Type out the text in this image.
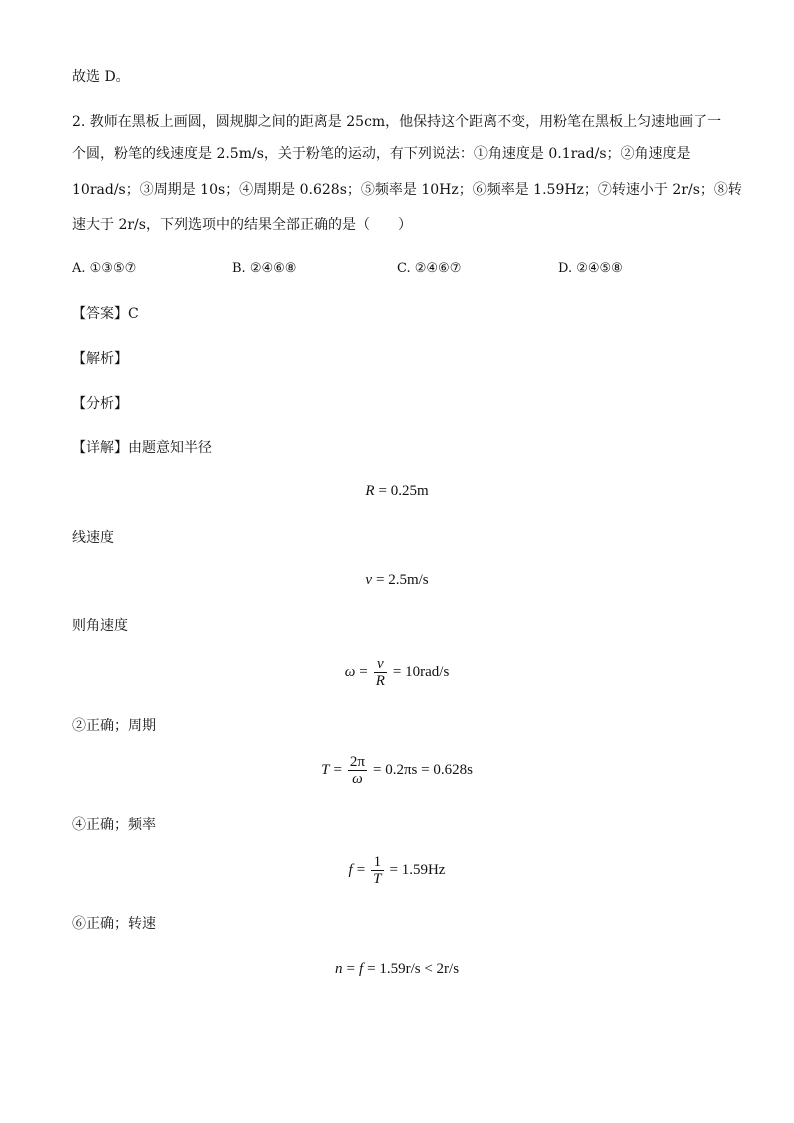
故选 D。
2. 教师在黑板上画圆，圆规脚之间的距离是 25cm，他保持这个距离不变，用粉笔在黑板上匀速地画了一
个圆，粉笔的线速度是 2.5m/s，关于粉笔的运动，有下列说法：①角速度是 0.1rad/s；②角速度是
10rad/s；③周期是 10s；④周期是 0.628s；⑤频率是 10Hz；⑥频率是 1.59Hz；⑦转速小于 2r/s；⑧转
速大于 2r/s，下列选项中的结果全部正确的是（　　）
A. ①③⑤⑦	B. ②④⑥⑧	C. ②④⑥⑦	D. ②④⑤⑧
【答案】C
【解析】
【分析】
【详解】由题意知半径
R = 0.25m
线速度
v = 2.5m/s
则角速度
$\omega = \frac{v}{R} = 10rad/s$
②正确；周期
$T = \frac{2\pi}{\omega} = 0.2\pi s = 0.628s$
④正确；频率
$f = \frac{1}{T} = 1.59Hz$
⑥正确；转速
n = f = 1.59r/s < 2r/s
